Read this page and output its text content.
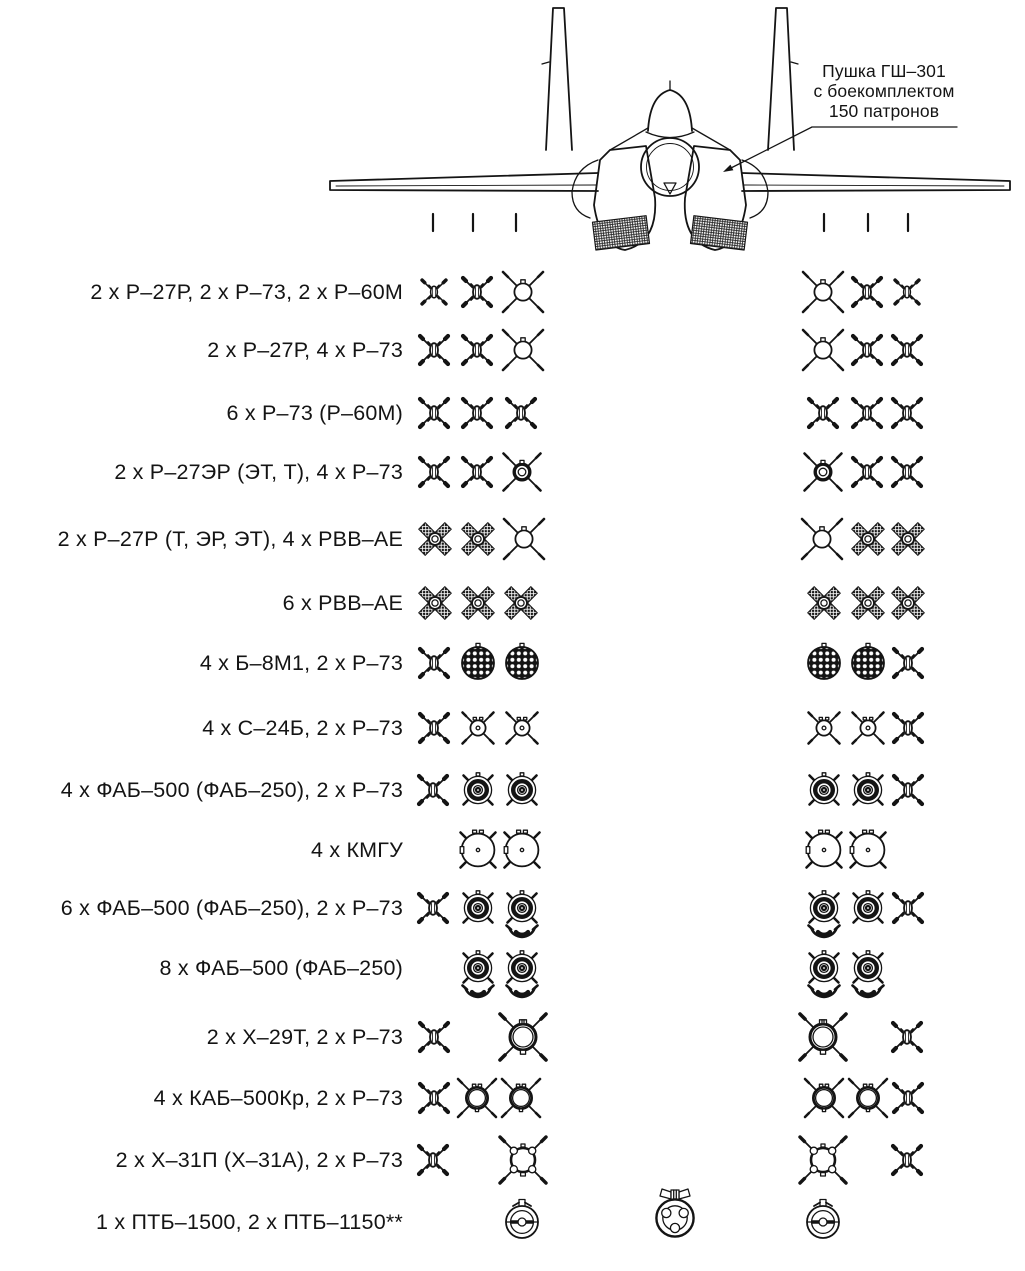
Пушка ГШ–301
с боекомплектом
150 патронов
2 x Р–27Р, 2 x Р–73, 2 x Р–60М
2 x Р–27Р, 4 x Р–73
6 x Р–73 (Р–60М)
2 x Р–27ЭР (ЭТ, Т), 4 x Р–73
2 x Р–27Р (Т, ЭР, ЭТ), 4 x РВВ–АЕ
6 x РВВ–АЕ
4 x Б–8М1, 2 x Р–73
4 x С–24Б, 2 x Р–73
4 x ФАБ–500 (ФАБ–250), 2 x Р–73
4 x КМГУ
6 x ФАБ–500 (ФАБ–250), 2 x Р–73
8 x ФАБ–500 (ФАБ–250)
2 x Х–29Т, 2 x Р–73
4 x КАБ–500Кр, 2 x Р–73
2 x Х–31П (Х–31А), 2 x Р–73
1 x ПТБ–1500, 2 x ПТБ–1150**
